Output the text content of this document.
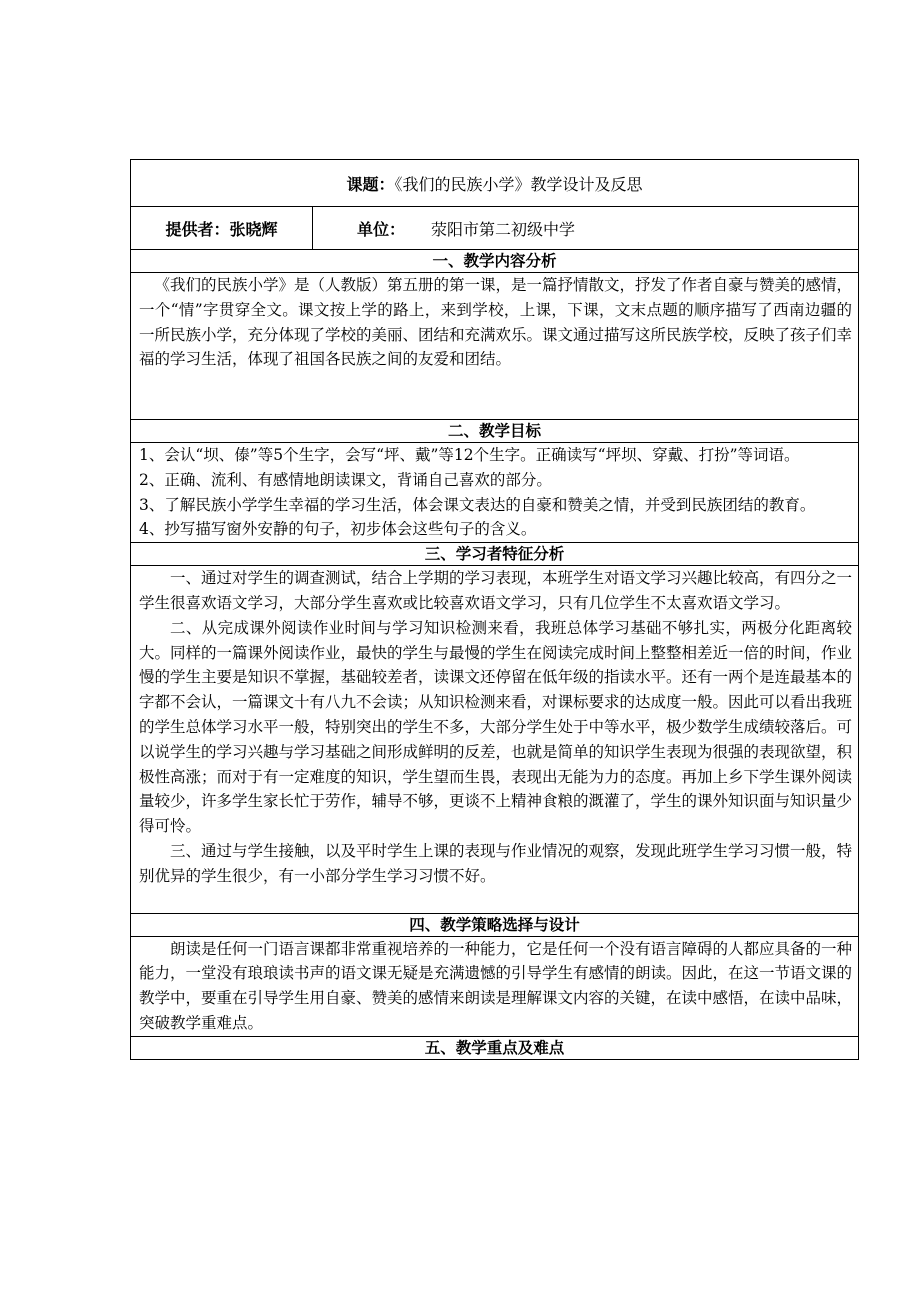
课题：《我们的民族小学》教学设计及反思
提供者：张晓辉	单位： 荥阳市第二初级中学
一、教学内容分析

《我们的民族小学》是（人教版）第五册的第一课，是一篇抒情散文，抒发了作者自豪与赞美的感情，一个“情”字贯穿全文。课文按上学的路上，来到学校，上课，下课，文末点题的顺序描写了西南边疆的一所民族小学，充分体现了学校的美丽、团结和充满欢乐。课文通过描写这所民族学校，反映了孩子们幸福的学习生活，体现了祖国各民族之间的友爱和团结。

二、教学目标

1、会认“坝、傣”等5个生字，会写“坪、戴”等12个生字。正确读写“坪坝、穿戴、打扮”等词语。

2、正确、流利、有感情地朗读课文，背诵自己喜欢的部分。

3、了解民族小学学生幸福的学习生活，体会课文表达的自豪和赞美之情，并受到民族团结的教育。

4、抄写描写窗外安静的句子，初步体会这些句子的含义。

三、学习者特征分析

一、通过对学生的调查测试，结合上学期的学习表现，本班学生对语文学习兴趣比较高，有四分之一学生很喜欢语文学习，大部分学生喜欢或比较喜欢语文学习，只有几位学生不太喜欢语文学习。

二、从完成课外阅读作业时间与学习知识检测来看，我班总体学习基础不够扎实，两极分化距离较大。同样的一篇课外阅读作业，最快的学生与最慢的学生在阅读完成时间上整整相差近一倍的时间，作业慢的学生主要是知识不掌握，基础较差者，读课文还停留在低年级的指读水平。还有一两个是连最基本的字都不会认，一篇课文十有八九不会读；从知识检测来看，对课标要求的达成度一般。因此可以看出我班的学生总体学习水平一般，特别突出的学生不多，大部分学生处于中等水平，极少数学生成绩较落后。可以说学生的学习兴趣与学习基础之间形成鲜明的反差，也就是简单的知识学生表现为很强的表现欲望，积极性高涨；而对于有一定难度的知识，学生望而生畏，表现出无能为力的态度。再加上乡下学生课外阅读量较少，许多学生家长忙于劳作，辅导不够，更谈不上精神食粮的溉灌了，学生的课外知识面与知识量少得可怜。

三、通过与学生接触，以及平时学生上课的表现与作业情况的观察，发现此班学生学习习惯一般，特别优异的学生很少，有一小部分学生学习习惯不好。

四、教学策略选择与设计

朗读是任何一门语言课都非常重视培养的一种能力，它是任何一个没有语言障碍的人都应具备的一种能力，一堂没有琅琅读书声的语文课无疑是充满遗憾的引导学生有感情的朗读。因此，在这一节语文课的教学中，要重在引导学生用自豪、赞美的感情来朗读是理解课文内容的关键，在读中感悟，在读中品味，突破教学重难点。

五、教学重点及难点
